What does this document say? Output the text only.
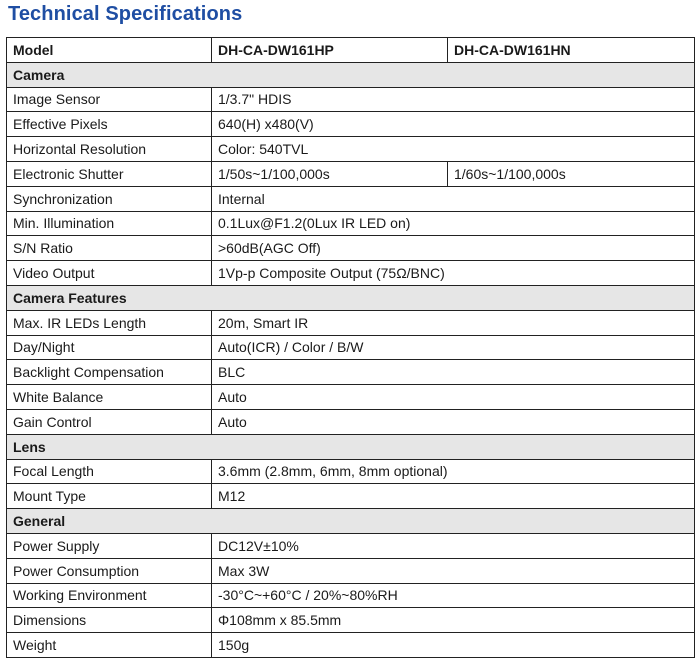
Technical Specifications
Model	DH-CA-DW161HP	DH-CA-DW161HN
Camera		
Image Sensor	1/3.7" HDIS	
Effective Pixels	640(H) x480(V)	
Horizontal Resolution	Color: 540TVL	
Electronic Shutter	1/50s~1/100,000s	1/60s~1/100,000s
Synchronization	Internal	
Min. Illumination	0.1Lux@F1.2(0Lux IR LED on)	
S/N Ratio	>60dB(AGC Off)	
Video Output	1Vp-p Composite Output (75Ω/BNC)	
Camera Features		
Max. IR LEDs Length	20m, Smart IR	
Day/Night	Auto(ICR) / Color / B/W	
Backlight Compensation	BLC	
White Balance	Auto	
Gain Control	Auto	
Lens		
Focal Length	3.6mm (2.8mm, 6mm, 8mm optional)	
Mount Type	M12	
General		
Power Supply	DC12V±10%	
Power Consumption	Max 3W	
Working Environment	-30°C~+60°C / 20%~80%RH	
Dimensions	Φ108mm x 85.5mm	
Weight	150g	
